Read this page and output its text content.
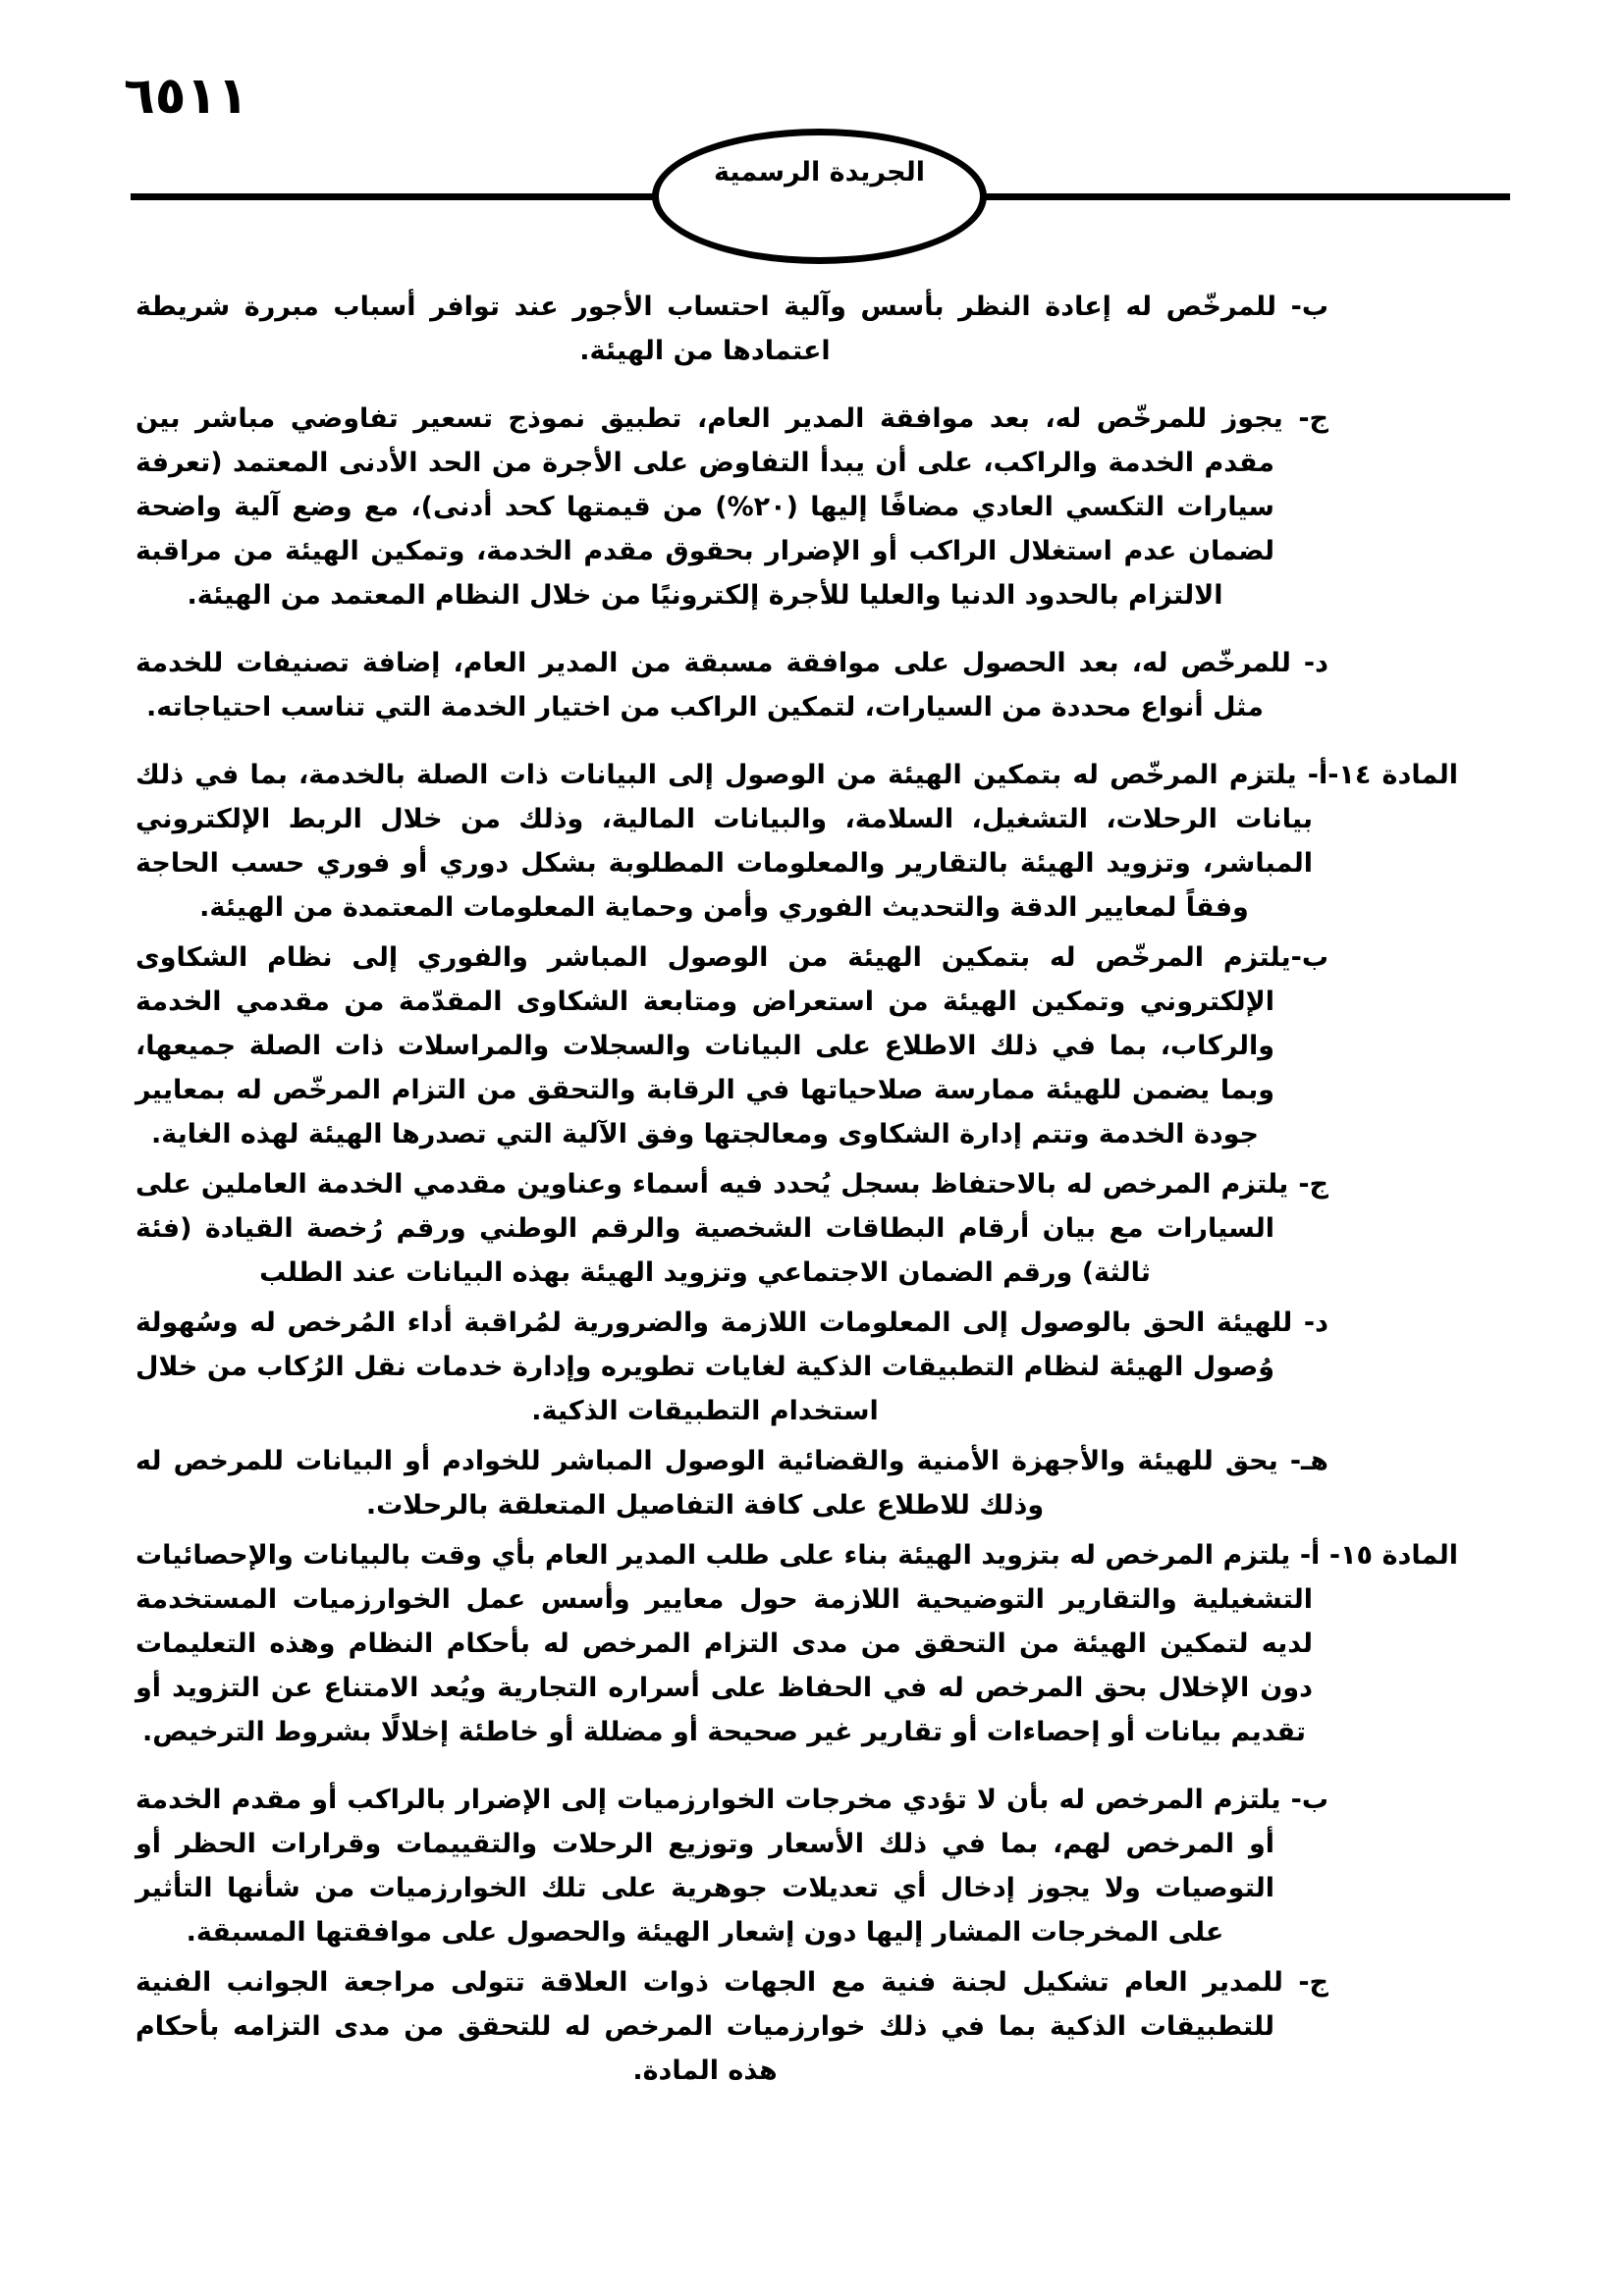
٦٥١١
الجريدة الرسمية

ب- للمرخّص له إعادة النظر بأسس وآلية احتساب الأجور عند توافر أسباب مبررة شريطة اعتمادها من الهيئة.

ج- يجوز للمرخّص له، بعد موافقة المدير العام، تطبيق نموذج تسعير تفاوضي مباشر بين مقدم الخدمة والراكب، على أن يبدأ التفاوض على الأجرة من الحد الأدنى المعتمد (تعرفة سيارات التكسي العادي مضافًا إليها (٢٠%) من قيمتها كحد أدنى)، مع وضع آلية واضحة لضمان عدم استغلال الراكب أو الإضرار بحقوق مقدم الخدمة، وتمكين الهيئة من مراقبة الالتزام بالحدود الدنيا والعليا للأجرة إلكترونيًا من خلال النظام المعتمد من الهيئة.

د- للمرخّص له، بعد الحصول على موافقة مسبقة من المدير العام، إضافة تصنيفات للخدمة مثل أنواع محددة من السيارات، لتمكين الراكب من اختيار الخدمة التي تناسب احتياجاته.

المادة ١٤-أ- يلتزم المرخّص له بتمكين الهيئة من الوصول إلى البيانات ذات الصلة بالخدمة، بما في ذلك بيانات الرحلات، التشغيل، السلامة، والبيانات المالية، وذلك من خلال الربط الإلكتروني المباشر، وتزويد الهيئة بالتقارير والمعلومات المطلوبة بشكل دوري أو فوري حسب الحاجة وفقاً لمعايير الدقة والتحديث الفوري وأمن وحماية المعلومات المعتمدة من الهيئة.

ب-يلتزم المرخّص له بتمكين الهيئة من الوصول المباشر والفوري إلى نظام الشكاوى الإلكتروني وتمكين الهيئة من استعراض ومتابعة الشكاوى المقدّمة من مقدمي الخدمة والركاب، بما في ذلك الاطلاع على البيانات والسجلات والمراسلات ذات الصلة جميعها، وبما يضمن للهيئة ممارسة صلاحياتها في الرقابة والتحقق من التزام المرخّص له بمعايير جودة الخدمة وتتم إدارة الشكاوى ومعالجتها وفق الآلية التي تصدرها الهيئة لهذه الغاية.

ج- يلتزم المرخص له بالاحتفاظ بسجل يُحدد فيه أسماء وعناوين مقدمي الخدمة العاملين على السيارات مع بيان أرقام البطاقات الشخصية والرقم الوطني ورقم رُخصة القيادة (فئة ثالثة) ورقم الضمان الاجتماعي وتزويد الهيئة بهذه البيانات عند الطلب

د- للهيئة الحق بالوصول إلى المعلومات اللازمة والضرورية لمُراقبة أداء المُرخص له وسُهولة وُصول الهيئة لنظام التطبيقات الذكية لغايات تطويره وإدارة خدمات نقل الرُكاب من خلال استخدام التطبيقات الذكية.

هـ- يحق للهيئة والأجهزة الأمنية والقضائية الوصول المباشر للخوادم أو البيانات للمرخص له وذلك للاطلاع على كافة التفاصيل المتعلقة بالرحلات.

المادة ١٥- أ- يلتزم المرخص له بتزويد الهيئة بناء على طلب المدير العام بأي وقت بالبيانات والإحصائيات التشغيلية والتقارير التوضيحية اللازمة حول معايير وأسس عمل الخوارزميات المستخدمة لديه لتمكين الهيئة من التحقق من مدى التزام المرخص له بأحكام النظام وهذه التعليمات دون الإخلال بحق المرخص له في الحفاظ على أسراره التجارية ويُعد الامتناع عن التزويد أو تقديم بيانات أو إحصاءات أو تقارير غير صحيحة أو مضللة أو خاطئة إخلالًا بشروط الترخيص.

ب- يلتزم المرخص له بأن لا تؤدي مخرجات الخوارزميات إلى الإضرار بالراكب أو مقدم الخدمة أو المرخص لهم، بما في ذلك الأسعار وتوزيع الرحلات والتقييمات وقرارات الحظر أو التوصيات ولا يجوز إدخال أي تعديلات جوهرية على تلك الخوارزميات من شأنها التأثير على المخرجات المشار إليها دون إشعار الهيئة والحصول على موافقتها المسبقة.

ج- للمدير العام تشكيل لجنة فنية مع الجهات ذوات العلاقة تتولى مراجعة الجوانب الفنية للتطبيقات الذكية بما في ذلك خوارزميات المرخص له للتحقق من مدى التزامه بأحكام هذه المادة.
